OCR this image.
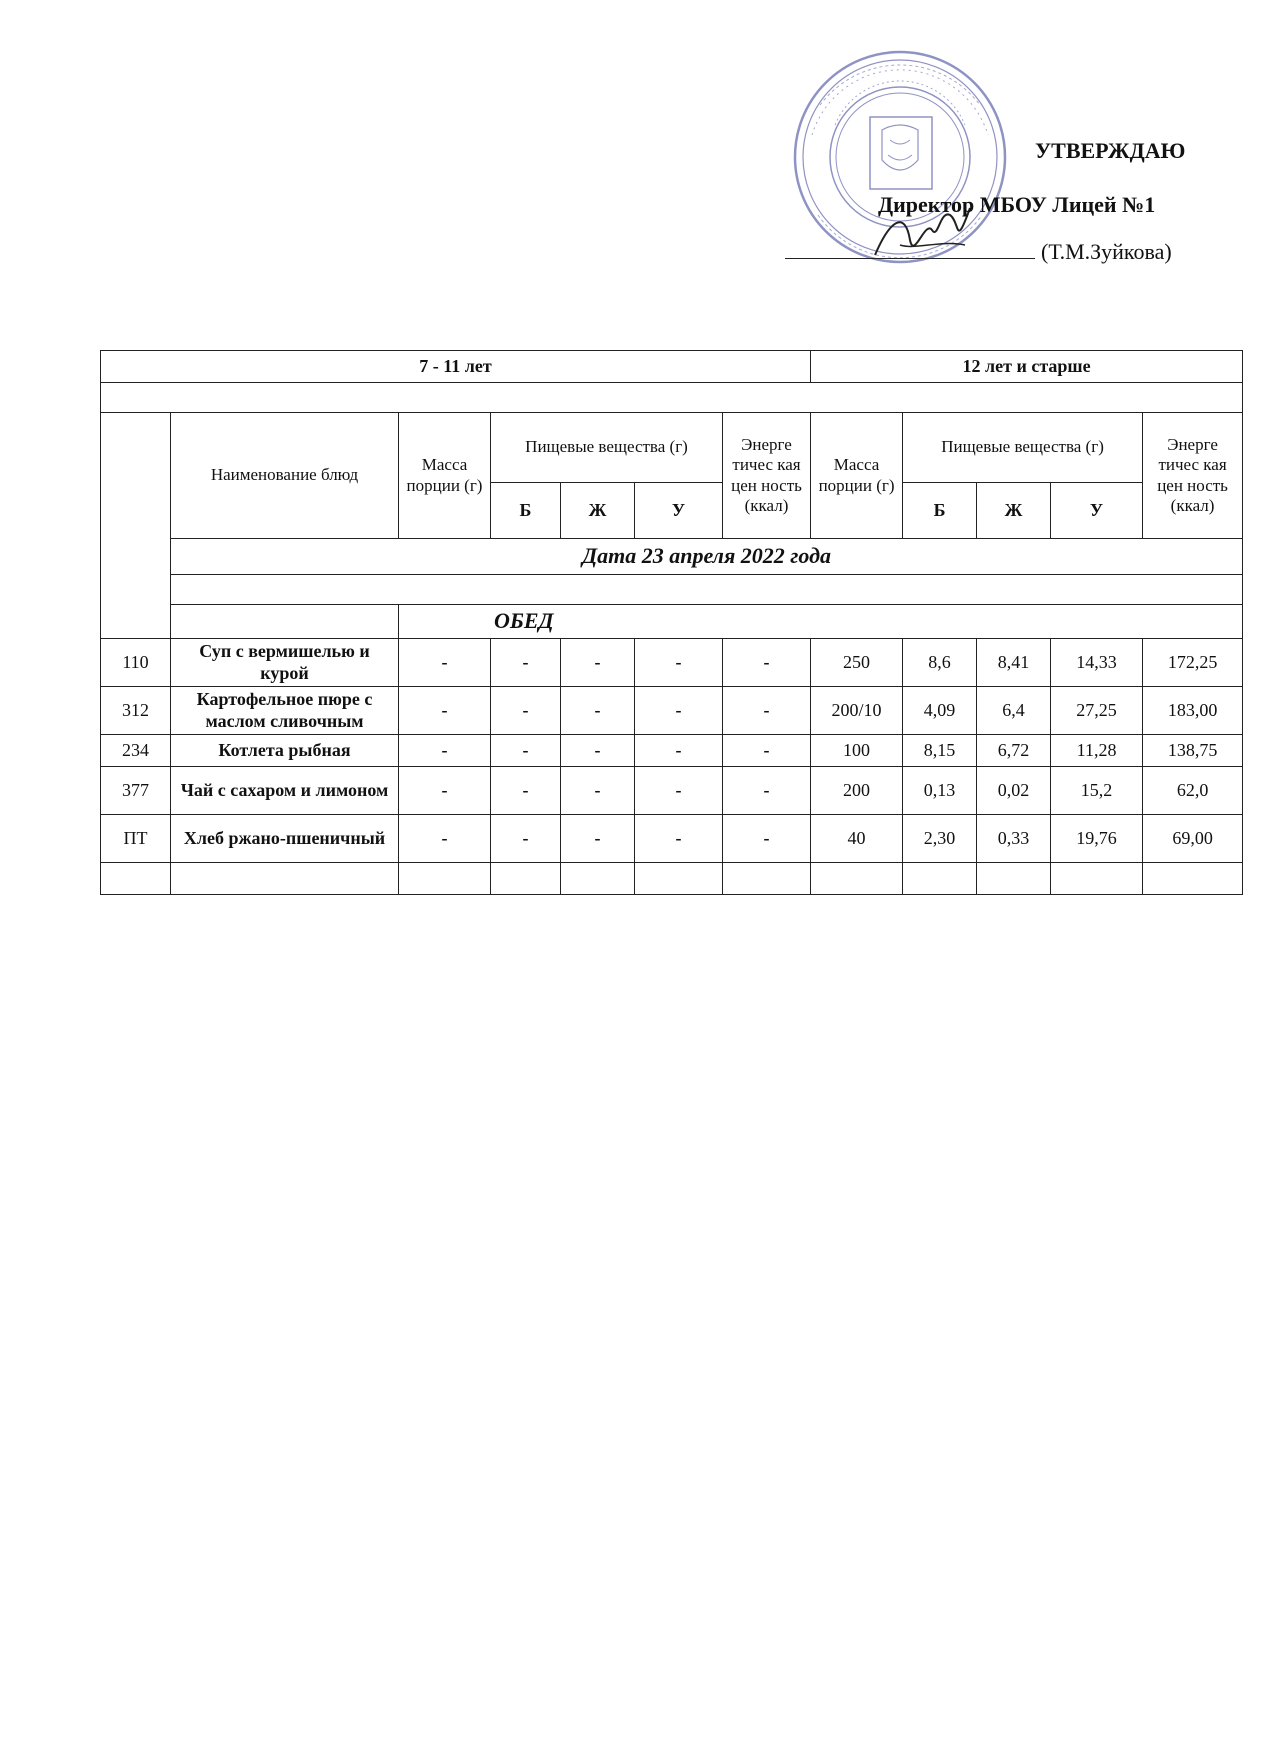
УТВЕРЖДАЮ
Директор МБОУ Лицей №1
(Т.М.Зуйкова)
7 - 11 лет							12 лет и старше				

	Наименование блюд	Масса порции (г)	Пищевые вещества (г)			Энерге тичес кая цен ность (ккал)	Масса порции (г)	Пищевые вещества (г)			Энерге тичес кая цен ность (ккал)
			Б	Ж	У			Б	Ж	У	
	Дата 23 апреля 2022 года										

		ОБЕД									
110	Суп с вермишелью и курой	-	-	-	-	-	250	8,6	8,41	14,33	172,25
312	Картофельное пюре с маслом сливочным	-	-	-	-	-	200/10	4,09	6,4	27,25	183,00
234	Котлета рыбная	-	-	-	-	-	100	8,15	6,72	11,28	138,75
377	Чай с сахаром и лимоном	-	-	-	-	-	200	0,13	0,02	15,2	62,0
ПТ	Хлеб ржано-пшеничный	-	-	-	-	-	40	2,30	0,33	19,76	69,00
